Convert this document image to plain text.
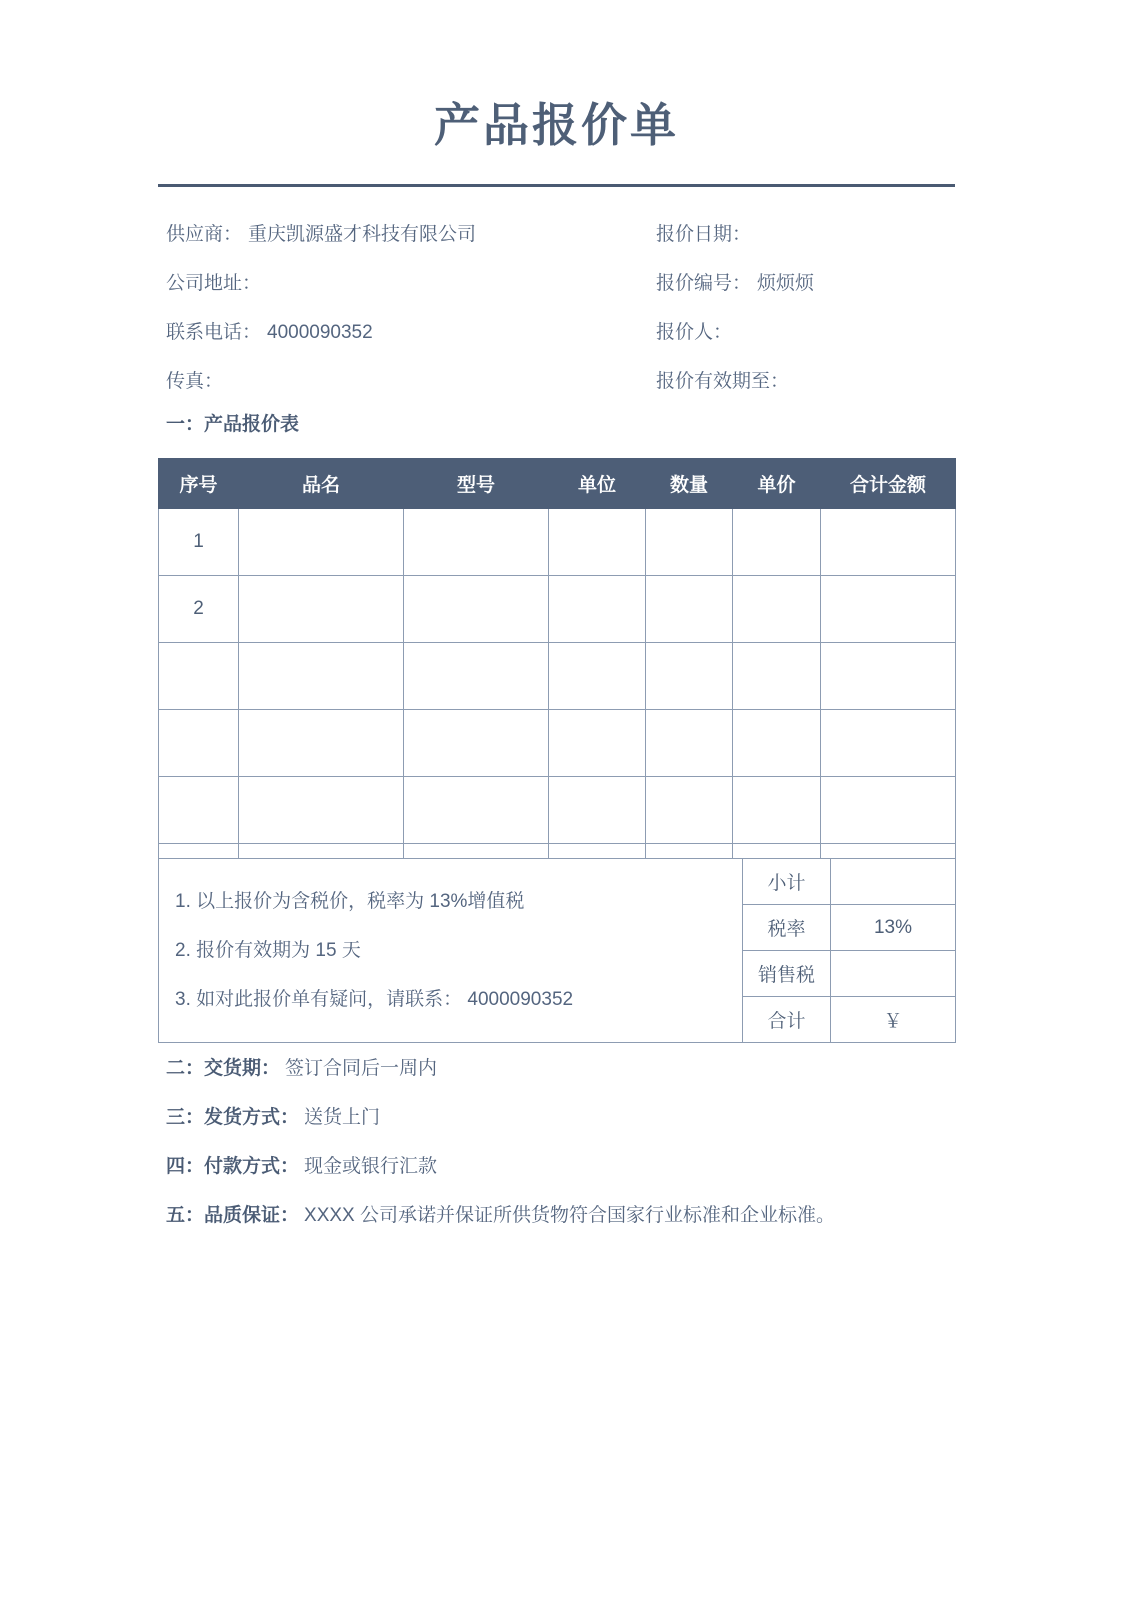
产品报价单
供应商： 重庆凯源盛才科技有限公司	报价日期：
公司地址：	报价编号： 烦烦烦
联系电话： 4000090352	报价人：
传真：	报价有效期至：
一：产品报价表
序号	品名	型号	单位	数量	单价	合计金额
1						
2						

1. 以上报价为含税价，税率为 13%增值税
2. 报价有效期为 15 天
3. 如对此报价单有疑问，请联系： 4000090352	小计	
	税率	13%
	销售税	
	合计	￥
二：交货期： 签订合同后一周内
三：发货方式： 送货上门
四：付款方式： 现金或银行汇款
五：品质保证： XXXX 公司承诺并保证所供货物符合国家行业标准和企业标准。
